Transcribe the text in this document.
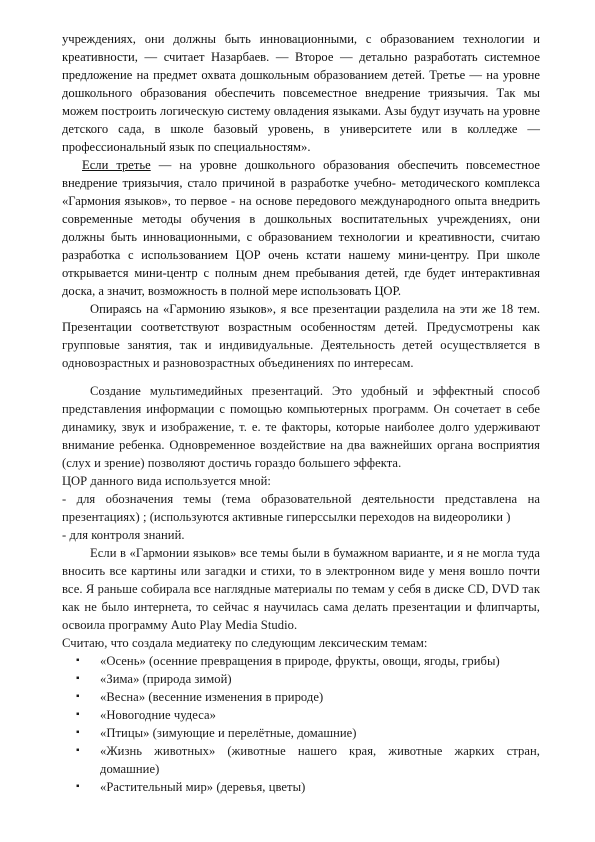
учреждениях, они должны быть инновационными, с образованием технологии и креативности, — считает Назарбаев. — Второе — детально разработать системное предложение на предмет охвата дошкольным образованием детей. Третье — на уровне дошкольного образования обеспечить повсеместное внедрение триязычия. Так мы можем построить логическую систему овладения языками. Азы будут изучать на уровне детского сада, в школе базовый уровень, в университете или в колледже — профессиональный язык по специальностям».

Если третье — на уровне дошкольного образования обеспечить повсеместное внедрение триязычия, стало причиной в разработке учебно- методического комплекса «Гармония языков», то первое - на основе передового международного опыта внедрить современные методы обучения в дошкольных воспитательных учреждениях, они должны быть инновационными, с образованием технологии и креативности, считаю разработка с использованием ЦОР очень кстати нашему мини-центру. При школе открывается мини-центр с полным днем пребывания детей, где будет интерактивная доска, а значит, возможность в полной мере использовать ЦОР.

Опираясь на «Гармонию языков», я все презентации разделила на эти же 18 тем. Презентации соответствуют возрастным особенностям детей. Предусмотрены как групповые занятия, так и индивидуальные. Деятельность детей осуществляется в одновозрастных и разновозрастных объединениях по интересам.

Создание мультимедийных презентаций. Это удобный и эффектный способ представления информации с помощью компьютерных программ. Он сочетает в себе динамику, звук и изображение, т. е. те факторы, которые наиболее долго удерживают внимание ребенка. Одновременное воздействие на два важнейших органа восприятия (слух и зрение) позволяют достичь гораздо большего эффекта.

ЦОР данного вида используется мной:

- для обозначения темы (тема образовательной деятельности представлена на презентациях) ; (используются активные гиперссылки переходов на видеоролики )

- для контроля знаний.

Если в «Гармонии языков» все темы были в бумажном варианте, и я не могла туда вносить все картины или загадки и стихи, то в электронном виде у меня вошло почти все. Я раньше собирала все наглядные материалы по темам у себя в диске CD, DVD так как не было интернета, то сейчас я научилась сама делать презентации и флипчарты, освоила программу Auto Play Media Studio.

Считаю, что создала медиатеку по следующим лексическим темам:

▪ «Осень» (осенние превращения в природе, фрукты, овощи, ягоды, грибы)
▪ «Зима» (природа зимой)
▪ «Весна» (весенние изменения в природе)
▪ «Новогодние чудеса»
▪ «Птицы» (зимующие и перелётные, домашние)
▪ «Жизнь животных» (животные нашего края, животные жарких стран, домашние)
▪ «Растительный мир» (деревья, цветы)
